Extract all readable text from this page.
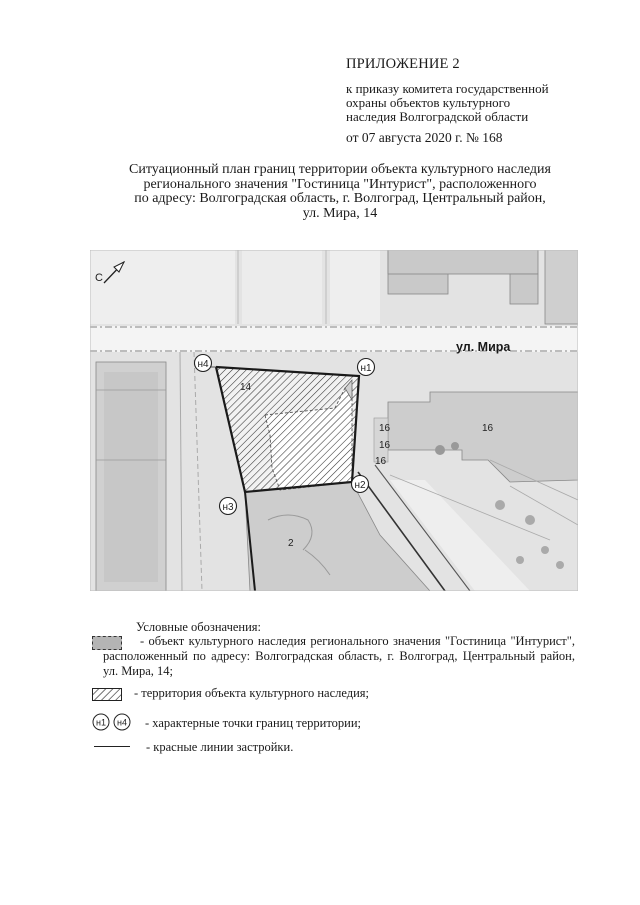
ПРИЛОЖЕНИЕ 2
к приказу комитета государственной
охраны объектов культурного
наследия Волгоградской области
от 07 августа 2020 г. № 168
Ситуационный план границ территории объекта культурного наследия
регионального значения "Гостиница "Интурист", расположенного
по адресу: Волгоградская область, г. Волгоград, Центральный район,
ул. Мира, 14
ул. Мира
14
2
16
16
16
16
н1
н2
н3
н4
С
Условные обозначения:
- объект культурного наследия регионального значения "Гостиница "Интурист", расположенный по адресу: Волгоградская область, г. Волгоград, Центральный район, ул. Мира, 14;
- территория объекта культурного наследия;
н1 н4 - характерные точки границ территории;
- красные линии застройки.
